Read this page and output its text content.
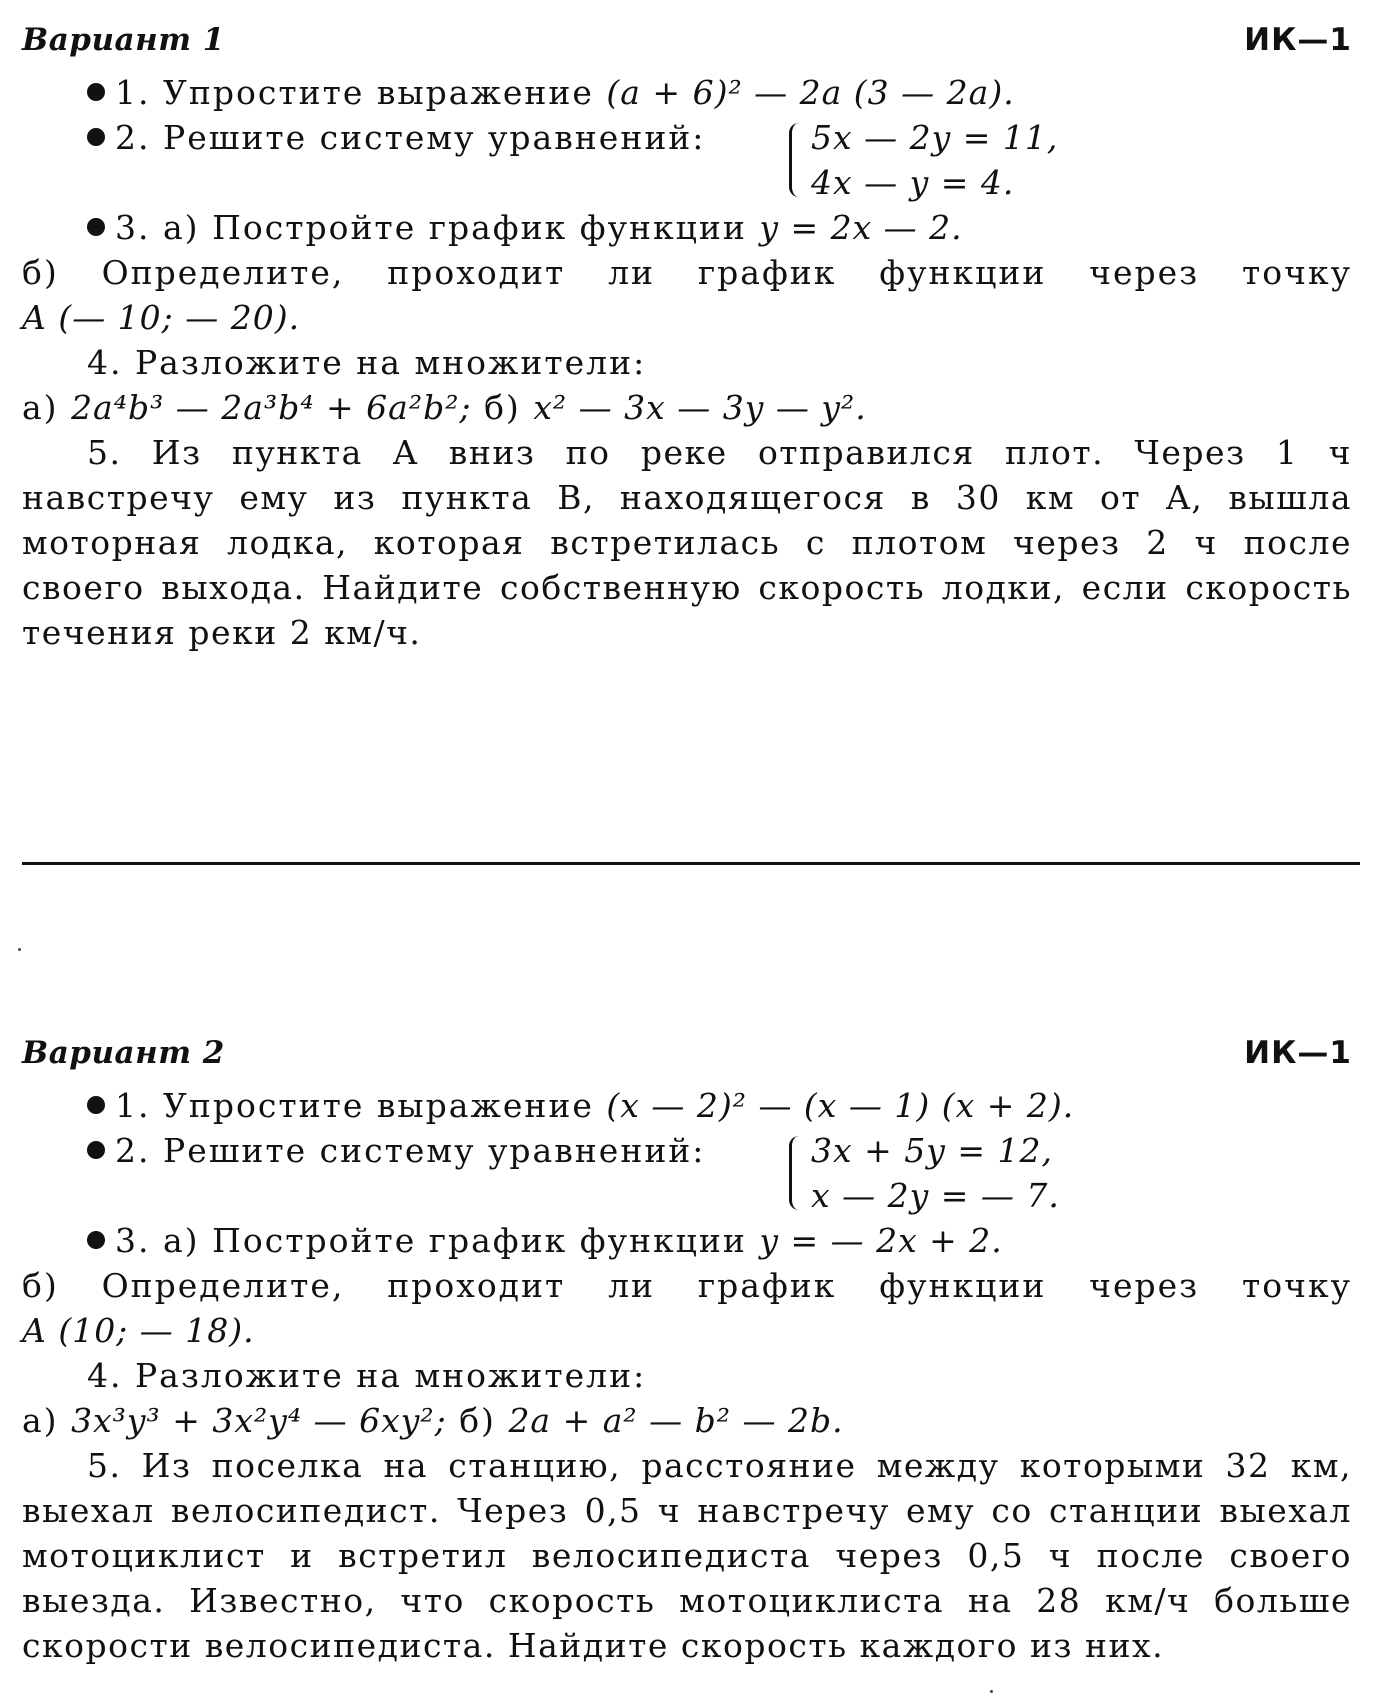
Вариант 1	ИК—1
1. Упростите выражение (a + 6)² — 2a (3 — 2a).
2. Решите систему уравнений:	5x — 2y = 11,
4x — y = 4.
3. а) Постройте график функции y = 2x — 2.
б) Определите, проходит ли график функции через точку
A (— 10; — 20).
4. Разложите на множители:
а) 2a⁴b³ — 2a³b⁴ + 6a²b²; б) x² — 3x — 3y — y².

5. Из пункта A вниз по реке отправился плот. Через 1 ч навстречу ему из пункта B, находящегося в 30 км от A, вышла моторная лодка, которая встретилась с плотом через 2 ч после своего выхода. Найдите собственную скорость лодки, если скорость течения реки 2 км/ч.

Вариант 2	ИК—1
1. Упростите выражение (x — 2)² — (x — 1) (x + 2).
2. Решите систему уравнений:	3x + 5y = 12,
x — 2y = — 7.
3. а) Постройте график функции y = — 2x + 2.
б) Определите, проходит ли график функции через точку
A (10; — 18).
4. Разложите на множители:
а) 3x³y³ + 3x²y⁴ — 6xy²; б) 2a + a² — b² — 2b.

5. Из поселка на станцию, расстояние между которыми 32 км, выехал велосипедист. Через 0,5 ч навстречу ему со станции выехал мотоциклист и встретил велосипедиста через 0,5 ч после своего выезда. Известно, что скорость мотоциклиста на 28 км/ч больше скорости велосипедиста. Найдите скорость каждого из них.
